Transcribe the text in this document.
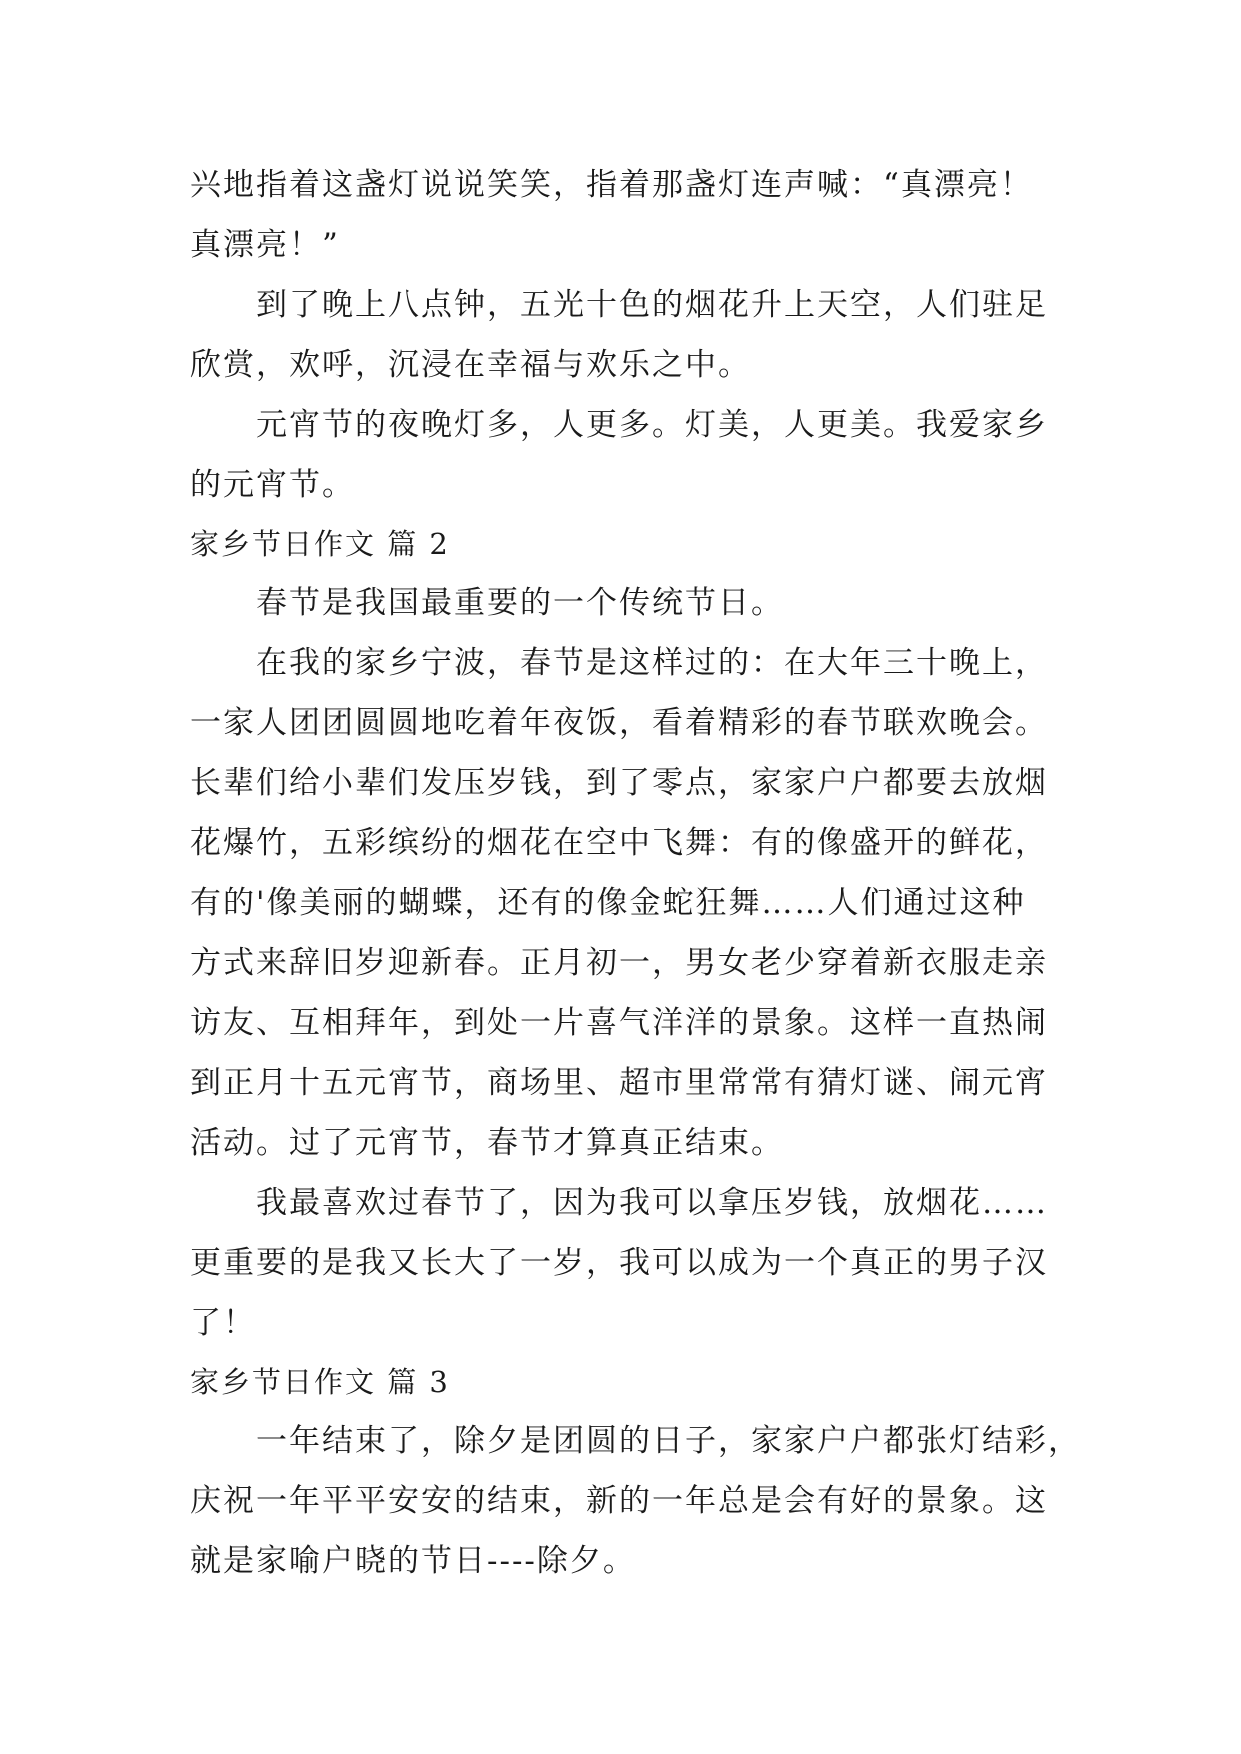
兴地指着这盏灯说说笑笑，指着那盏灯连声喊：“真漂亮！
真漂亮！”
到了晚上八点钟，五光十色的烟花升上天空，人们驻足
欣赏，欢呼，沉浸在幸福与欢乐之中。
元宵节的夜晚灯多，人更多。灯美，人更美。我爱家乡
的元宵节。
家乡节日作文 篇 2
春节是我国最重要的一个传统节日。
在我的家乡宁波，春节是这样过的：在大年三十晚上，
一家人团团圆圆地吃着年夜饭，看着精彩的春节联欢晚会。
长辈们给小辈们发压岁钱，到了零点，家家户户都要去放烟
花爆竹，五彩缤纷的烟花在空中飞舞：有的像盛开的鲜花，
有的'像美丽的蝴蝶，还有的像金蛇狂舞……人们通过这种
方式来辞旧岁迎新春。正月初一，男女老少穿着新衣服走亲
访友、互相拜年，到处一片喜气洋洋的景象。这样一直热闹
到正月十五元宵节，商场里、超市里常常有猜灯谜、闹元宵
活动。过了元宵节，春节才算真正结束。
我最喜欢过春节了，因为我可以拿压岁钱，放烟花……
更重要的是我又长大了一岁，我可以成为一个真正的男子汉
了！
家乡节日作文 篇 3
一年结束了，除夕是团圆的日子，家家户户都张灯结彩，
庆祝一年平平安安的结束，新的一年总是会有好的景象。这
就是家喻户晓的节日----除夕。
